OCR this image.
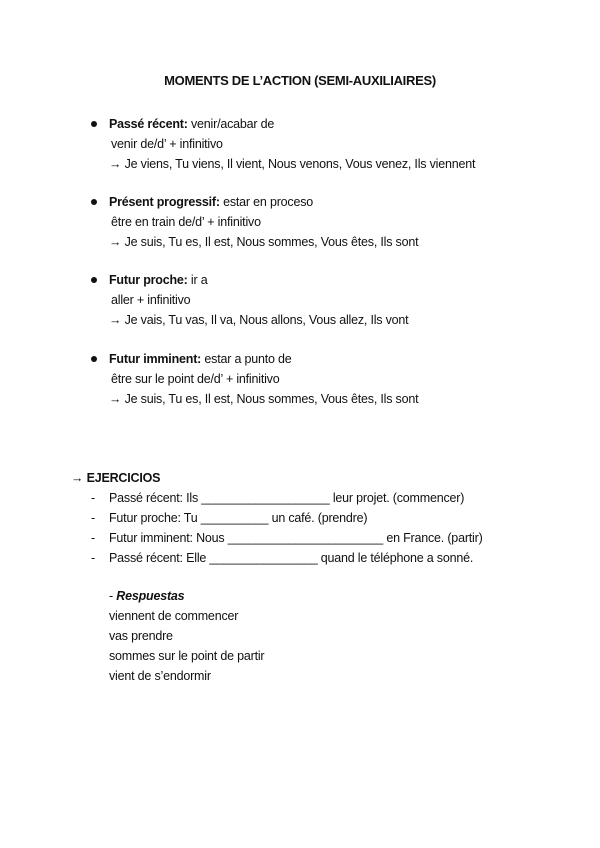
MOMENTS DE L’ACTION (SEMI-AUXILIAIRES)
Passé récent: venir/acabar de
venir de/d’ + infinitivo
→ Je viens, Tu viens, Il vient, Nous venons, Vous venez, Ils viennent
Présent progressif: estar en proceso
être en train de/d’ + infinitivo
→ Je suis, Tu es, Il est, Nous sommes, Vous êtes, Ils sont
Futur proche: ir a
aller + infinitivo
→ Je vais, Tu vas, Il va, Nous allons, Vous allez, Ils vont
Futur imminent: estar a punto de
être sur le point de/d’ + infinitivo
→ Je suis, Tu es, Il est, Nous sommes, Vous êtes, Ils sont
→ EJERCICIOS
- Passé récent: Ils ___________________ leur projet. (commencer)
- Futur proche: Tu __________ un café. (prendre)
- Futur imminent: Nous _______________________ en France. (partir)
- Passé récent: Elle ________________ quand le téléphone a sonné.
- Respuestas
viennent de commencer
vas prendre
sommes sur le point de partir
vient de s’endormir
